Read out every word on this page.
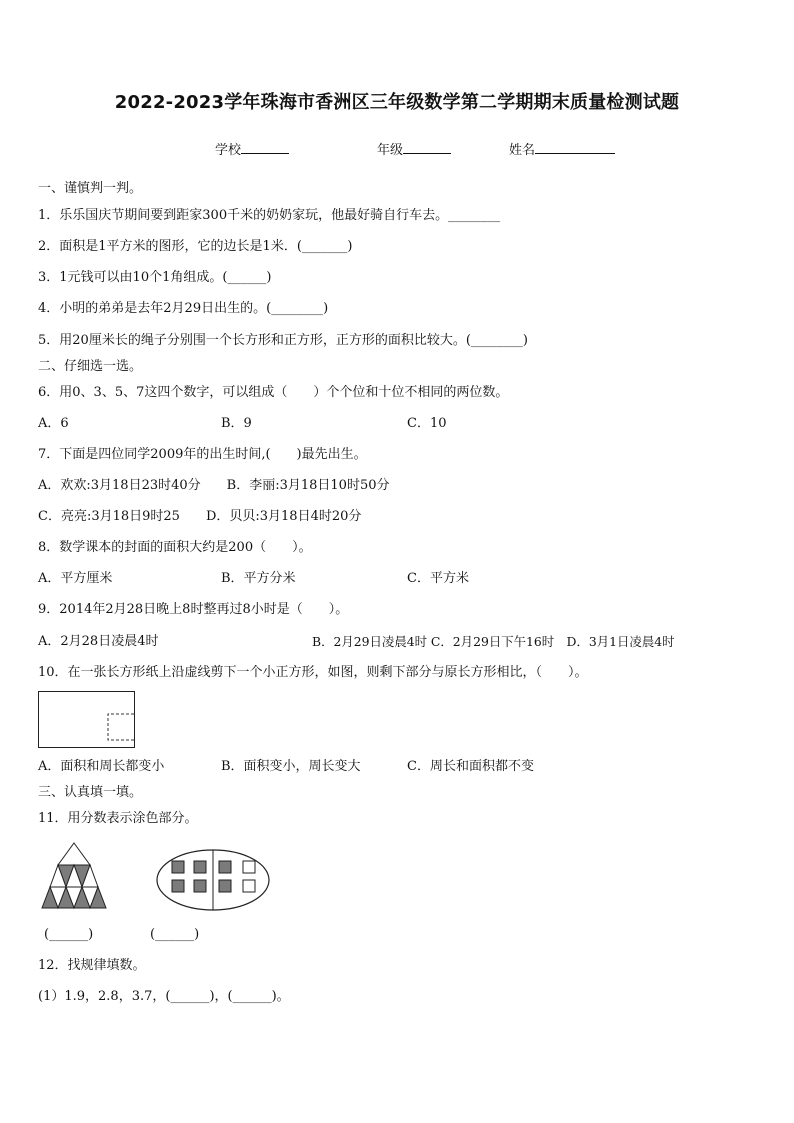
2022-2023学年珠海市香洲区三年级数学第二学期期末质量检测试题
学校	年级	姓名
一、谨慎判一判。
1．乐乐国庆节期间要到距家300千米的奶奶家玩，他最好骑自行车去。________
2．面积是1平方米的图形，它的边长是1米．(_______)
3．1元钱可以由10个1角组成。(______)
4．小明的弟弟是去年2月29日出生的。(________)
5．用20厘米长的绳子分别围一个长方形和正方形，正方形的面积比较大。(________)
二、仔细选一选。
6．用0、3、5、7这四个数字，可以组成（　　）个个位和十位不相同的两位数。
A．6	B．9	C．10
7．下面是四位同学2009年的出生时间,(　　)最先出生。
A．欢欢:3月18日23时40分　　B．李丽:3月18日10时50分
C．亮亮:3月18日9时25　　D．贝贝:3月18日4时20分
8．数学课本的封面的面积大约是200（　　）。
A．平方厘米	B．平方分米	C．平方米
9．2014年2月28日晚上8时整再过8小时是（　　）。
A．2月28日凌晨4时	B．2月29日凌晨4时 C．2月29日下午16时　D．3月1日凌晨4时
10．在一张长方形纸上沿虚线剪下一个小正方形，如图，则剩下部分与原长方形相比，（　　）。
A．面积和周长都变小	B．面积变小，周长变大	C．周长和面积都不变
三、认真填一填。
11．用分数表示涂色部分。
(______)	(______)
12．找规律填数。
(1）1.9，2.8，3.7，(______)，(______)。
